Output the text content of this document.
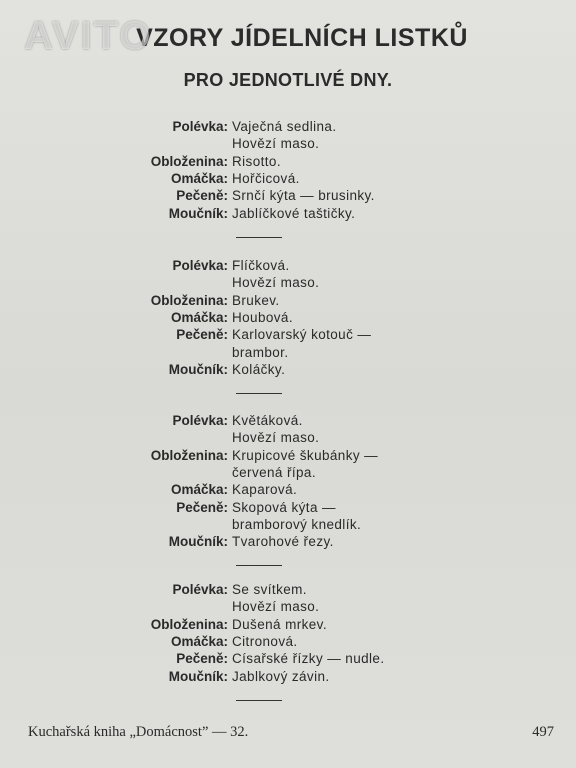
AVITO
VZORY JÍDELNÍCH LISTKŮ
PRO JEDNOTLIVÉ DNY.
Polévka: Vaječná sedlina.
Hovězí maso.
Obloženina: Risotto.
Omáčka: Hořčicová.
Pečeně: Srnčí kýta — brusinky.
Moučník: Jablíčkové taštičky.
Polévka: Flíčková.
Hovězí maso.
Obloženina: Brukev.
Omáčka: Houbová.
Pečeně: Karlovarský kotouč —
brambor.
Moučník: Koláčky.
Polévka: Květáková.
Hovězí maso.
Obloženina: Krupicové škubánky —
červená řípa.
Omáčka: Kaparová.
Pečeně: Skopová kýta —
bramborový knedlík.
Moučník: Tvarohové řezy.
Polévka: Se svítkem.
Hovězí maso.
Obloženina: Dušená mrkev.
Omáčka: Citronová.
Pečeně: Císařské řízky — nudle.
Moučník: Jablkový závin.
Kuchařská kniha „Domácnost” — 32.	497
